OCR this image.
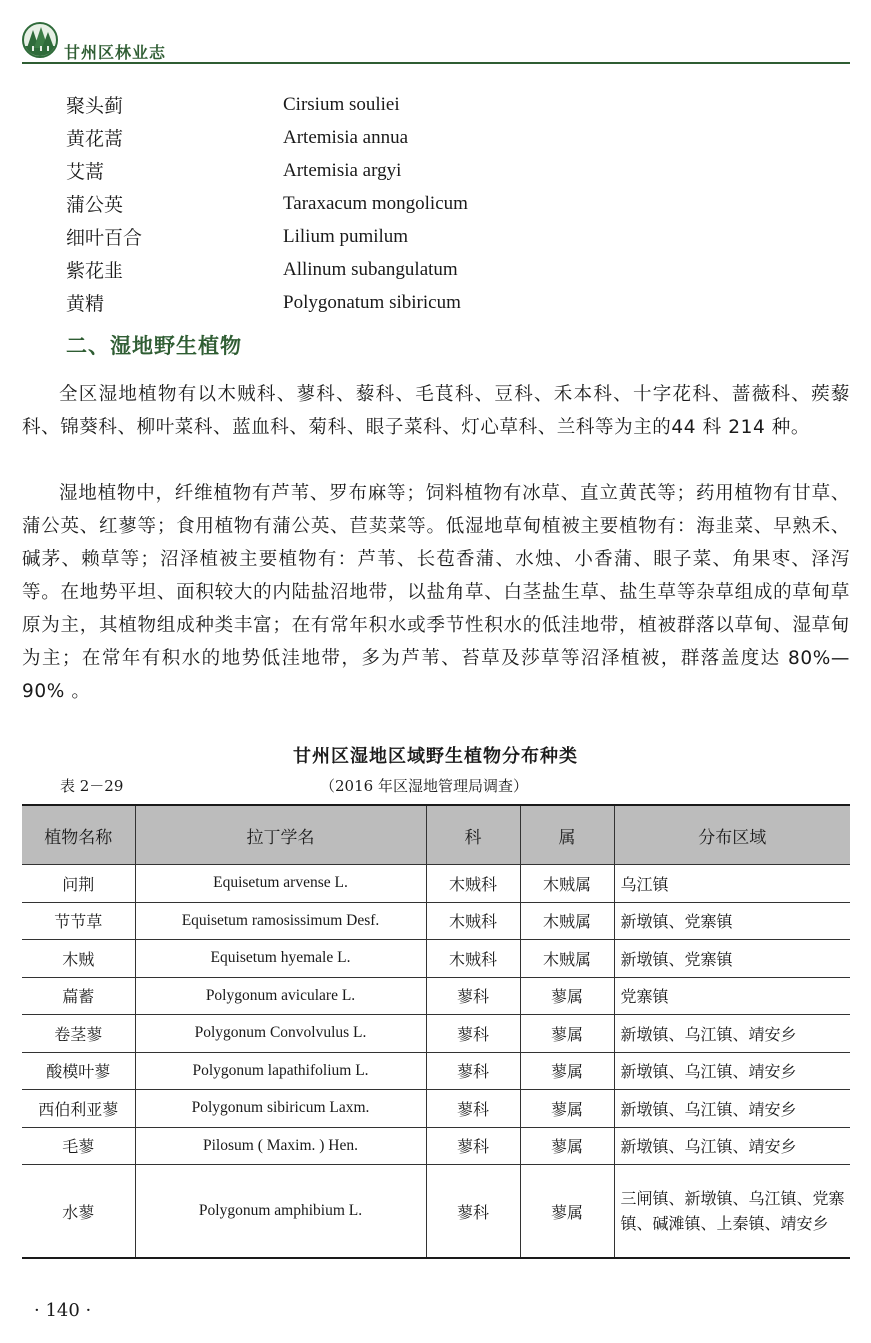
甘州区林业志
聚头蓟	Cirsium souliei
黄花蒿	Artemisia annua
艾蒿	Artemisia argyi
蒲公英	Taraxacum mongolicum
细叶百合	Lilium pumilum
紫花韭	Allinum subangulatum
黄精	Polygonatum sibiricum
二、湿地野生植物

全区湿地植物有以木贼科、蓼科、藜科、毛茛科、豆科、禾本科、十字花科、蔷薇科、蒺藜科、锦葵科、柳叶菜科、蓝血科、菊科、眼子菜科、灯心草科、兰科等为主的44 科 214 种。

湿地植物中，纤维植物有芦苇、罗布麻等；饲料植物有冰草、直立黄芪等；药用植物有甘草、蒲公英、红蓼等；食用植物有蒲公英、苣荬菜等。低湿地草甸植被主要植物有：海韭菜、早熟禾、碱茅、赖草等；沼泽植被主要植物有：芦苇、长苞香蒲、水烛、小香蒲、眼子菜、角果枣、泽泻等。在地势平坦、面积较大的内陆盐沼地带，以盐角草、白茎盐生草、盐生草等杂草组成的草甸草原为主，其植物组成种类丰富；在有常年积水或季节性积水的低洼地带，植被群落以草甸、湿草甸为主；在常年有积水的地势低洼地带，多为芦苇、苔草及莎草等沼泽植被，群落盖度达 80%—90% 。

甘州区湿地区域野生植物分布种类
表 2－29	（2016 年区湿地管理局调查）
植物名称	拉丁学名	科	属	分布区域
问荆	Equisetum arvense L.	木贼科	木贼属	乌江镇
节节草	Equisetum ramosissimum Desf.	木贼科	木贼属	新墩镇、党寨镇
木贼	Equisetum hyemale L.	木贼科	木贼属	新墩镇、党寨镇
萹蓄	Polygonum aviculare L.	蓼科	蓼属	党寨镇
卷茎蓼	Polygonum Convolvulus L.	蓼科	蓼属	新墩镇、乌江镇、靖安乡
酸模叶蓼	Polygonum lapathifolium L.	蓼科	蓼属	新墩镇、乌江镇、靖安乡
西伯利亚蓼	Polygonum sibiricum Laxm.	蓼科	蓼属	新墩镇、乌江镇、靖安乡
毛蓼	Pilosum ( Maxim. ) Hen.	蓼科	蓼属	新墩镇、乌江镇、靖安乡
水蓼	Polygonum amphibium L.	蓼科	蓼属	三闸镇、新墩镇、乌江镇、党寨镇、碱滩镇、上秦镇、靖安乡
· 140 ·
